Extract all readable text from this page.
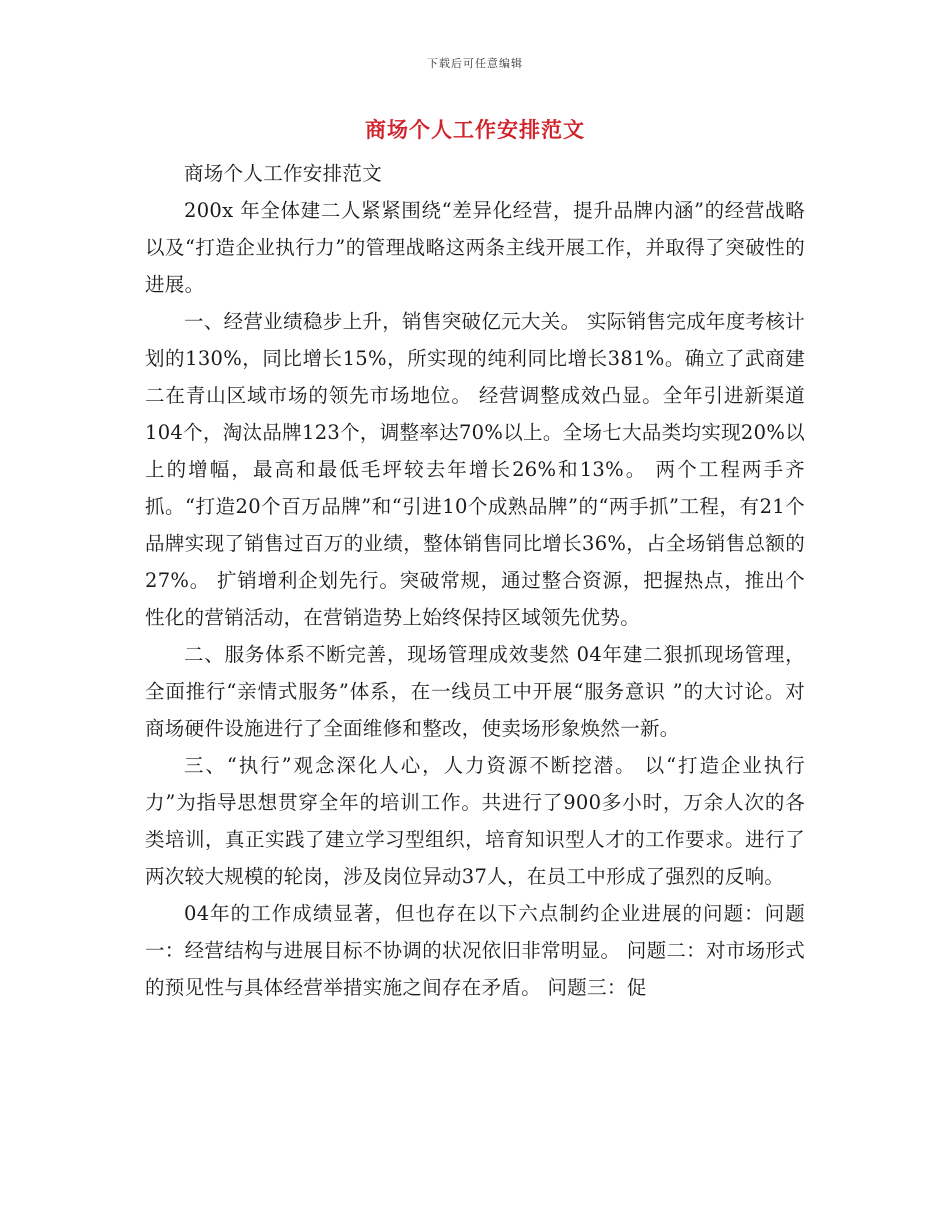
下载后可任意编辑
商场个人工作安排范文

商场个人工作安排范文

200x 年全体建二人紧紧围绕“差异化经营，提升品牌内涵”的经营战略以及“打造企业执行力”的管理战略这两条主线开展工作，并取得了突破性的进展。

一、经营业绩稳步上升，销售突破亿元大关。 实际销售完成年度考核计划的130%，同比增长15%，所实现的纯利同比增长381%。确立了武商建二在青山区域市场的领先市场地位。 经营调整成效凸显。全年引进新渠道104个，淘汰品牌123个，调整率达70%以上。全场七大品类均实现20%以上的增幅，最高和最低毛坪较去年增长26%和13%。 两个工程两手齐抓。“打造20个百万品牌”和“引进10个成熟品牌”的“两手抓”工程，有21个品牌实现了销售过百万的业绩，整体销售同比增长36%，占全场销售总额的27%。 扩销增利企划先行。突破常规，通过整合资源，把握热点，推出个性化的营销活动，在营销造势上始终保持区域领先优势。

二、服务体系不断完善，现场管理成效斐然 04年建二狠抓现场管理，全面推行“亲情式服务”体系，在一线员工中开展“服务意识 ”的大讨论。对商场硬件设施进行了全面维修和整改，使卖场形象焕然一新。

三、“执行”观念深化人心，人力资源不断挖潜。 以“打造企业执行力”为指导思想贯穿全年的培训工作。共进行了900多小时，万余人次的各类培训，真正实践了建立学习型组织，培育知识型人才的工作要求。进行了两次较大规模的轮岗，涉及岗位异动37人，在员工中形成了强烈的反响。

04年的工作成绩显著，但也存在以下六点制约企业进展的问题：问题一：经营结构与进展目标不协调的状况依旧非常明显。 问题二：对市场形式的预见性与具体经营举措实施之间存在矛盾。 问题三：促
